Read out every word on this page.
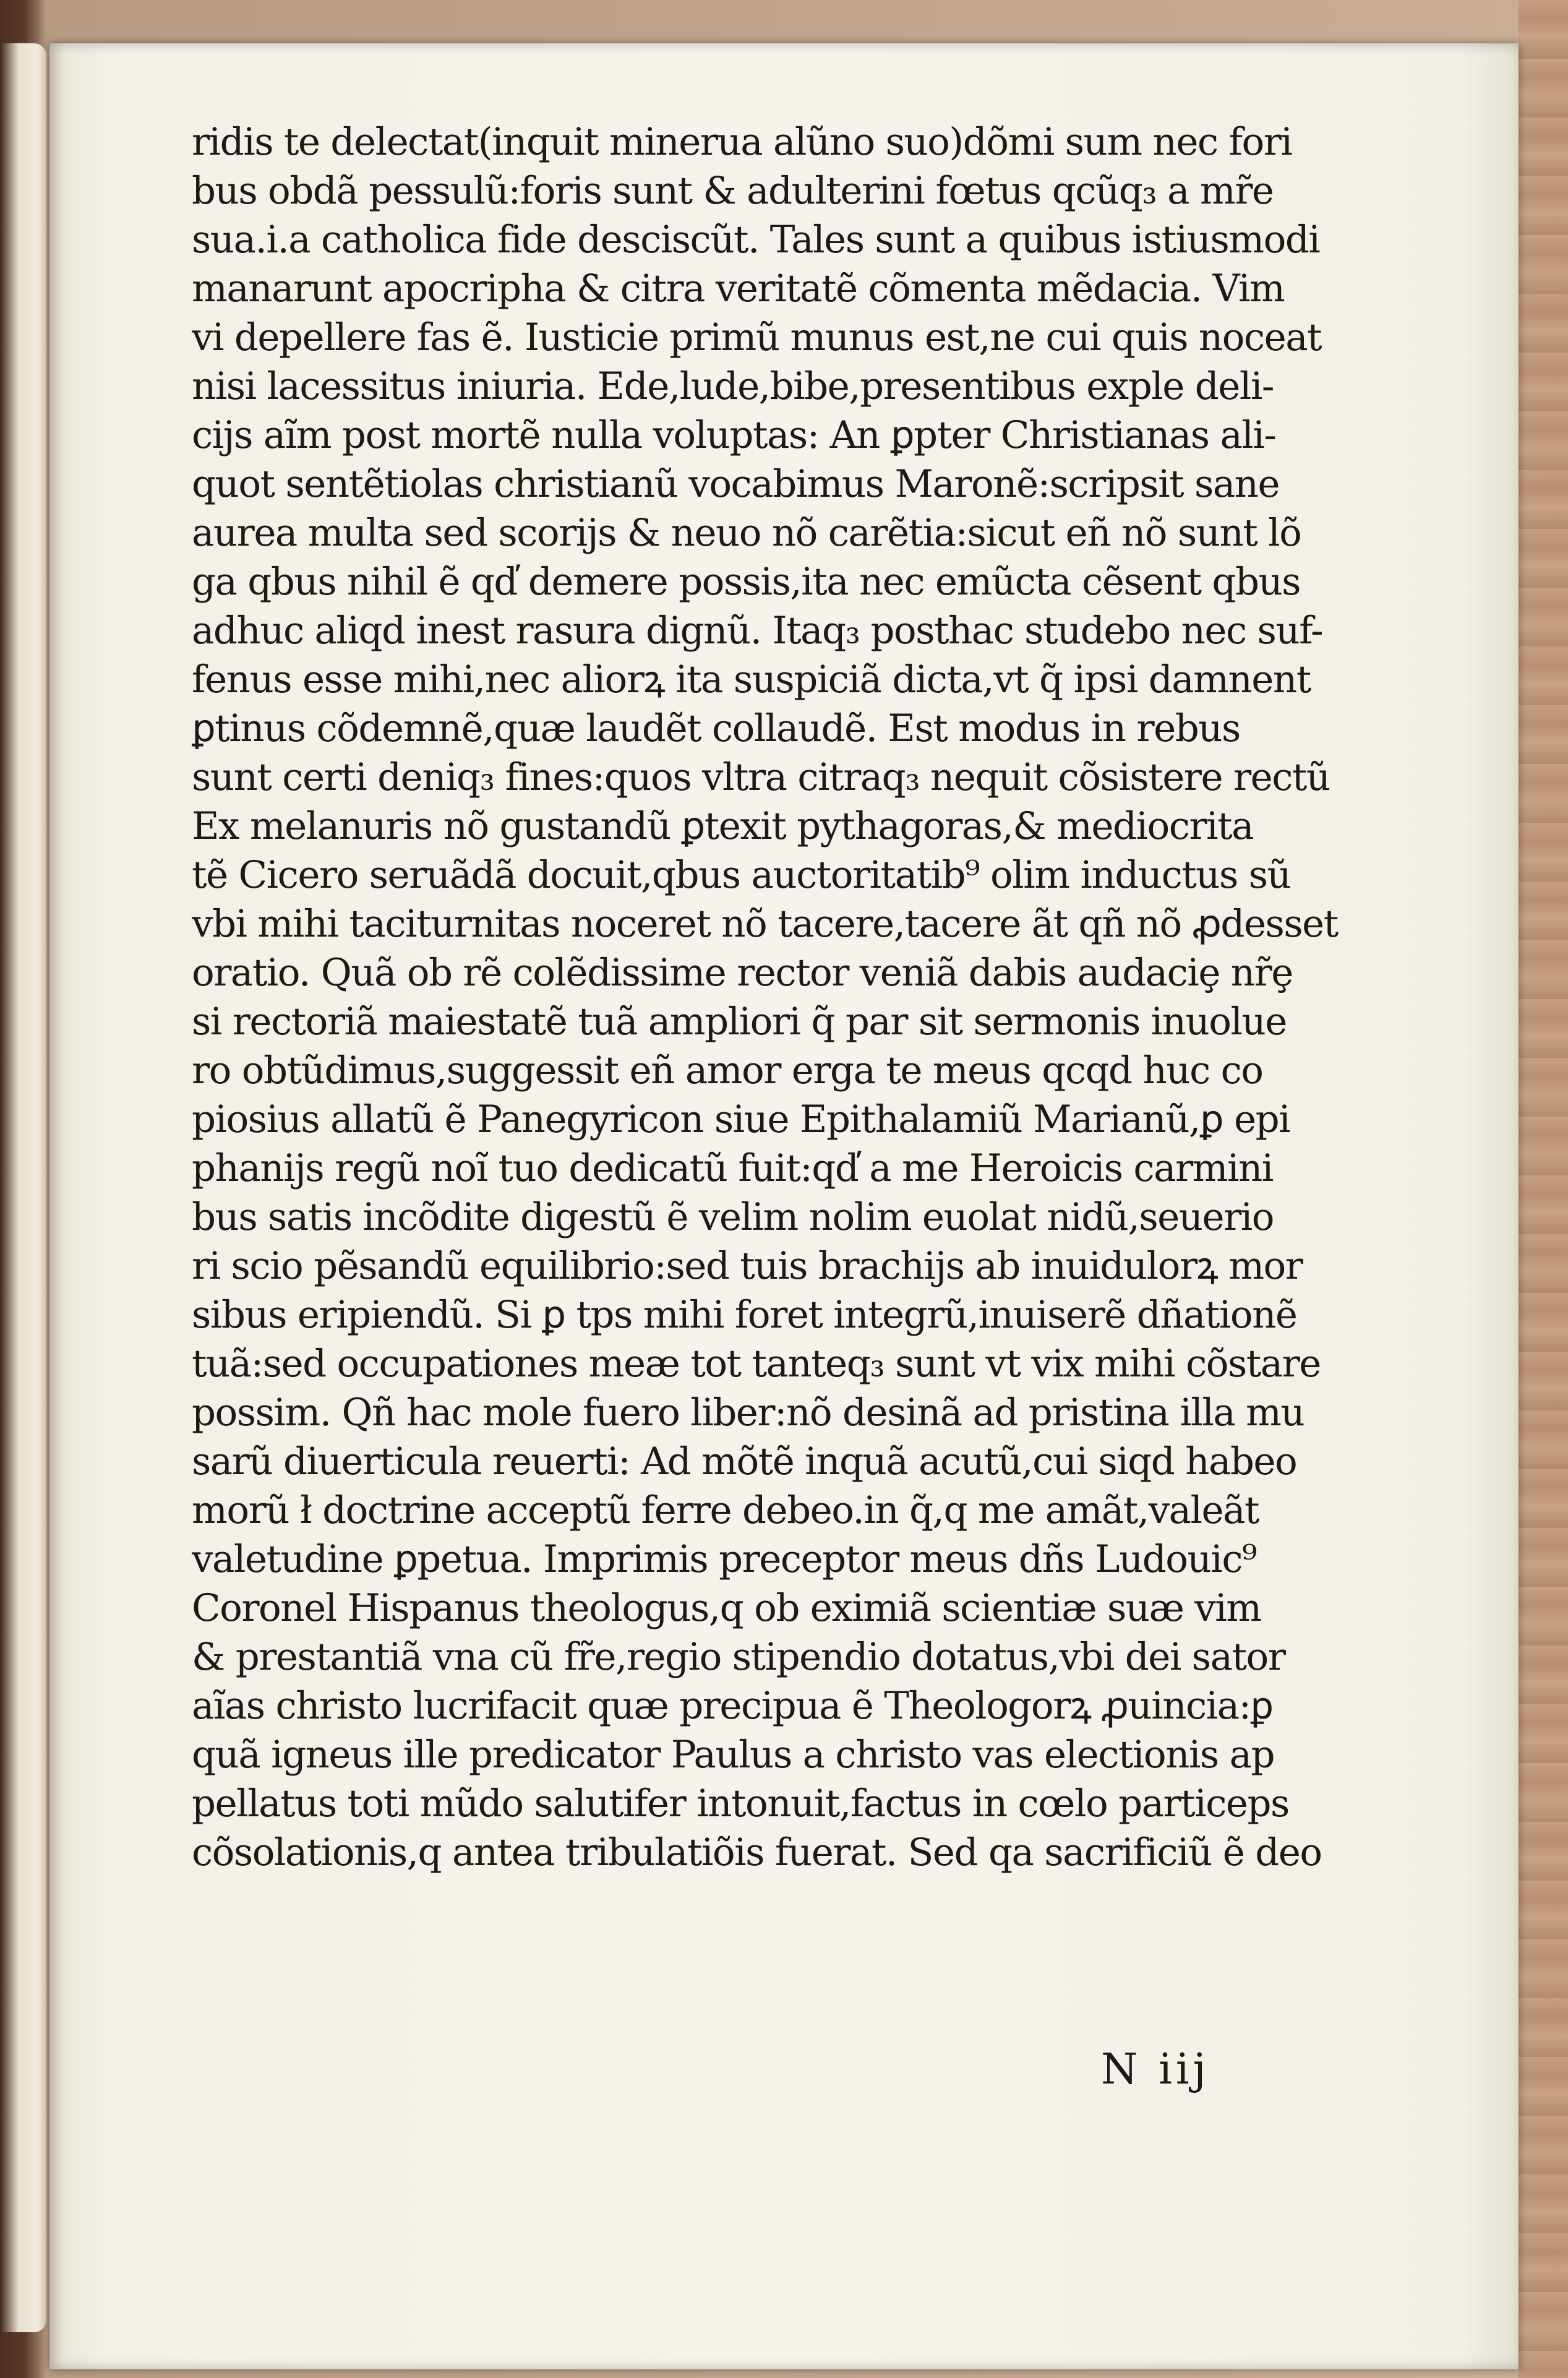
ridis te delectat(inquit minerua alũno suo)dõmi sum nec fori
bus obdã pessulũ:foris sunt & adulterini fœtus qcũq₃ a mr̃e
sua.i.a catholica fide desciscũt. Tales sunt a quibus istiusmodi
manarunt apocripha & citra veritatẽ cõmenta mẽdacia. Vim
vi depellere fas ẽ. Iusticie primũ munus est,ne cui quis noceat
nisi lacessitus iniuria. Ede,lude,bibe,presentibus exple deli-
cijs aĩm post mortẽ nulla voluptas: An ꝑpter Christianas ali-
quot sentẽtiolas christianũ vocabimus Maronẽ:scripsit sane
aurea multa sed scorijs & neuo nõ carẽtia:sicut eñ nõ sunt lõ
ga qbus nihil ẽ qd̕ demere possis,ita nec emũcta cẽsent qbus
adhuc aliqd inest rasura dignũ. Itaq₃ posthac studebo nec suf-
fenus esse mihi,nec aliorꝝ ita suspiciã dicta,vt q̃ ipsi damnent
ꝑtinus cõdemnẽ,quæ laudẽt collaudẽ. Est modus in rebus
sunt certi deniq₃ fines:quos vltra citraq₃ nequit cõsistere rectũ
Ex melanuris nõ gustandũ ꝑtexit pythagoras,& mediocrita
tẽ Cicero seruãdã docuit,qbus auctoritatib⁹ olim inductus sũ
vbi mihi taciturnitas noceret nõ tacere,tacere ãt qñ nõ ꝓdesset
oratio. Quã ob rẽ colẽdissime rector veniã dabis audaciȩ nr̃ȩ
si rectoriã maiestatẽ tuã ampliori q̃ par sit sermonis inuolue
ro obtũdimus,suggessit eñ amor erga te meus qcqd huc co
piosius allatũ ẽ Panegyricon siue Epithalamiũ Marianũ,ꝑ epi
phanijs regũ noĩ tuo dedicatũ fuit:qd̕ a me Heroicis carmini
bus satis incõdite digestũ ẽ velim nolim euolat nidũ,seuerio
ri scio pẽsandũ equilibrio:sed tuis brachijs ab inuidulorꝝ mor
sibus eripiendũ. Si ꝑ tps mihi foret integrũ,inuiserẽ dñationẽ
tuã:sed occupationes meæ tot tanteq₃ sunt vt vix mihi cõstare
possim. Qñ hac mole fuero liber:nõ desinã ad pristina illa mu
sarũ diuerticula reuerti: Ad mõtẽ inquã acutũ,cui siqd habeo
morũ ł doctrine acceptũ ferre debeo.in q̃,q me amãt,valeãt
valetudine ꝑpetua. Imprimis preceptor meus dñs Ludouic⁹
Coronel Hispanus theologus,q ob eximiã scientiæ suæ vim
& prestantiã vna cũ fr̃e,regio stipendio dotatus,vbi dei sator
aĩas christo lucrifacit quæ precipua ẽ Theologorꝝ ꝓuincia:ꝑ
quã igneus ille predicator Paulus a christo vas electionis ap
pellatus toti mũdo salutifer intonuit,factus in cœlo particeps
cõsolationis,q antea tribulatiõis fuerat. Sed qa sacrificiũ ẽ deo
N iij
